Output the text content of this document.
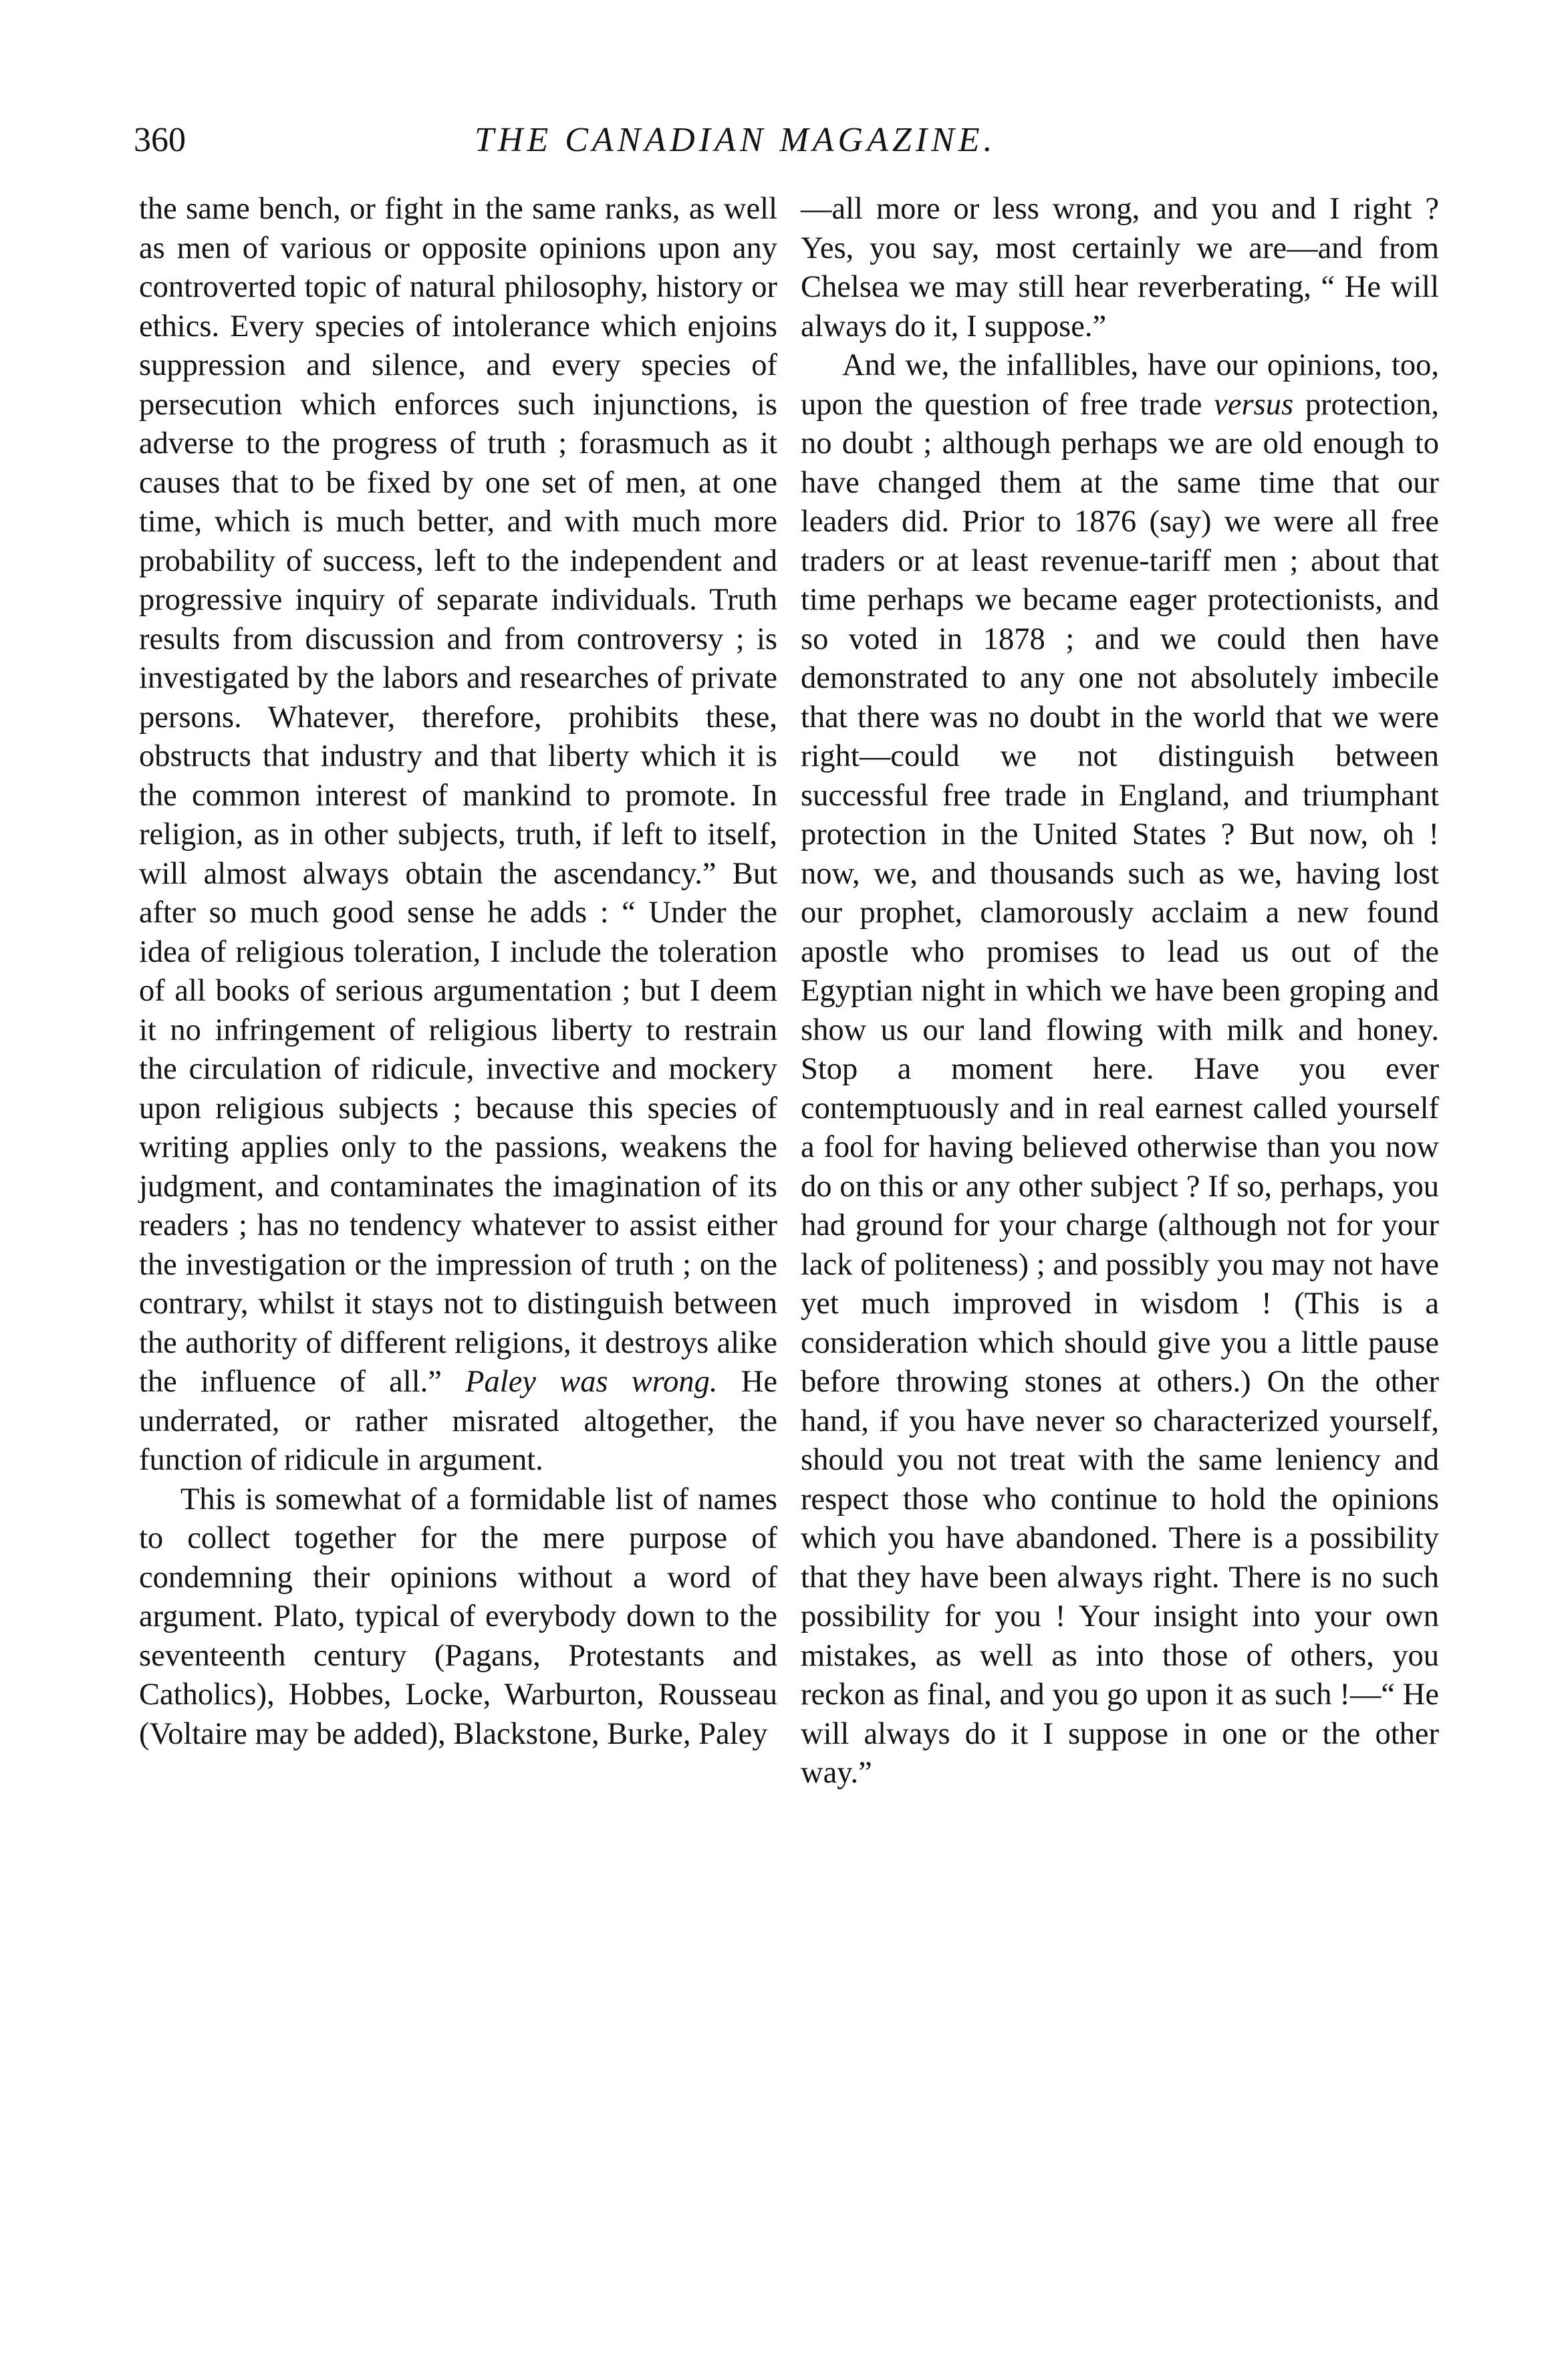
360	THE CANADIAN MAGAZINE.

the same bench, or fight in the same ranks, as well as men of various or opposite opinions upon any controverted topic of natural philosophy, history or ethics. Every species of intolerance which enjoins suppression and silence, and every species of persecution which enforces such injunctions, is adverse to the progress of truth ; forasmuch as it causes that to be fixed by one set of men, at one time, which is much better, and with much more probability of success, left to the independent and progressive inquiry of separate individuals. Truth results from discussion and from controversy ; is investigated by the labors and researches of private persons. Whatever, therefore, prohibits these, obstructs that industry and that liberty which it is the common interest of mankind to promote. In religion, as in other subjects, truth, if left to itself, will almost always obtain the ascendancy.” But after so much good sense he adds : “ Under the idea of religious toleration, I include the toleration of all books of serious argumentation ; but I deem it no infringement of religious liberty to restrain the circulation of ridicule, invective and mockery upon religious subjects ; because this species of writing applies only to the passions, weakens the judgment, and contaminates the imagination of its readers ; has no tendency whatever to assist either the investigation or the impression of truth ; on the contrary, whilst it stays not to distinguish between the authority of different religions, it destroys alike the influence of all.” Paley was wrong. He underrated, or rather misrated altogether, the function of ridicule in argument.

This is somewhat of a formidable list of names to collect together for the mere purpose of condemning their opinions without a word of argument. Plato, typical of everybody down to the seventeenth century (Pagans, Protestants and Catholics), Hobbes, Locke, Warburton, Rousseau (Voltaire may be added), Blackstone, Burke, Paley

—all more or less wrong, and you and I right ? Yes, you say, most certainly we are—and from Chelsea we may still hear reverberating, “ He will always do it, I suppose.”

And we, the infallibles, have our opinions, too, upon the question of free trade versus protection, no doubt ; although perhaps we are old enough to have changed them at the same time that our leaders did. Prior to 1876 (say) we were all free traders or at least revenue-tariff men ; about that time perhaps we became eager protectionists, and so voted in 1878 ; and we could then have demonstrated to any one not absolutely imbecile that there was no doubt in the world that we were right—could we not distinguish between successful free trade in England, and triumphant protection in the United States ? But now, oh ! now, we, and thousands such as we, having lost our prophet, clamorously acclaim a new found apostle who promises to lead us out of the Egyptian night in which we have been groping and show us our land flowing with milk and honey. Stop a moment here. Have you ever contemptuously and in real earnest called yourself a fool for having believed otherwise than you now do on this or any other subject ? If so, perhaps, you had ground for your charge (although not for your lack of politeness) ; and possibly you may not have yet much improved in wisdom ! (This is a consideration which should give you a little pause before throwing stones at others.) On the other hand, if you have never so characterized yourself, should you not treat with the same leniency and respect those who continue to hold the opinions which you have abandoned. There is a possibility that they have been always right. There is no such possibility for you ! Your insight into your own mistakes, as well as into those of others, you reckon as final, and you go upon it as such !—“ He will always do it I suppose in one or the other way.”
